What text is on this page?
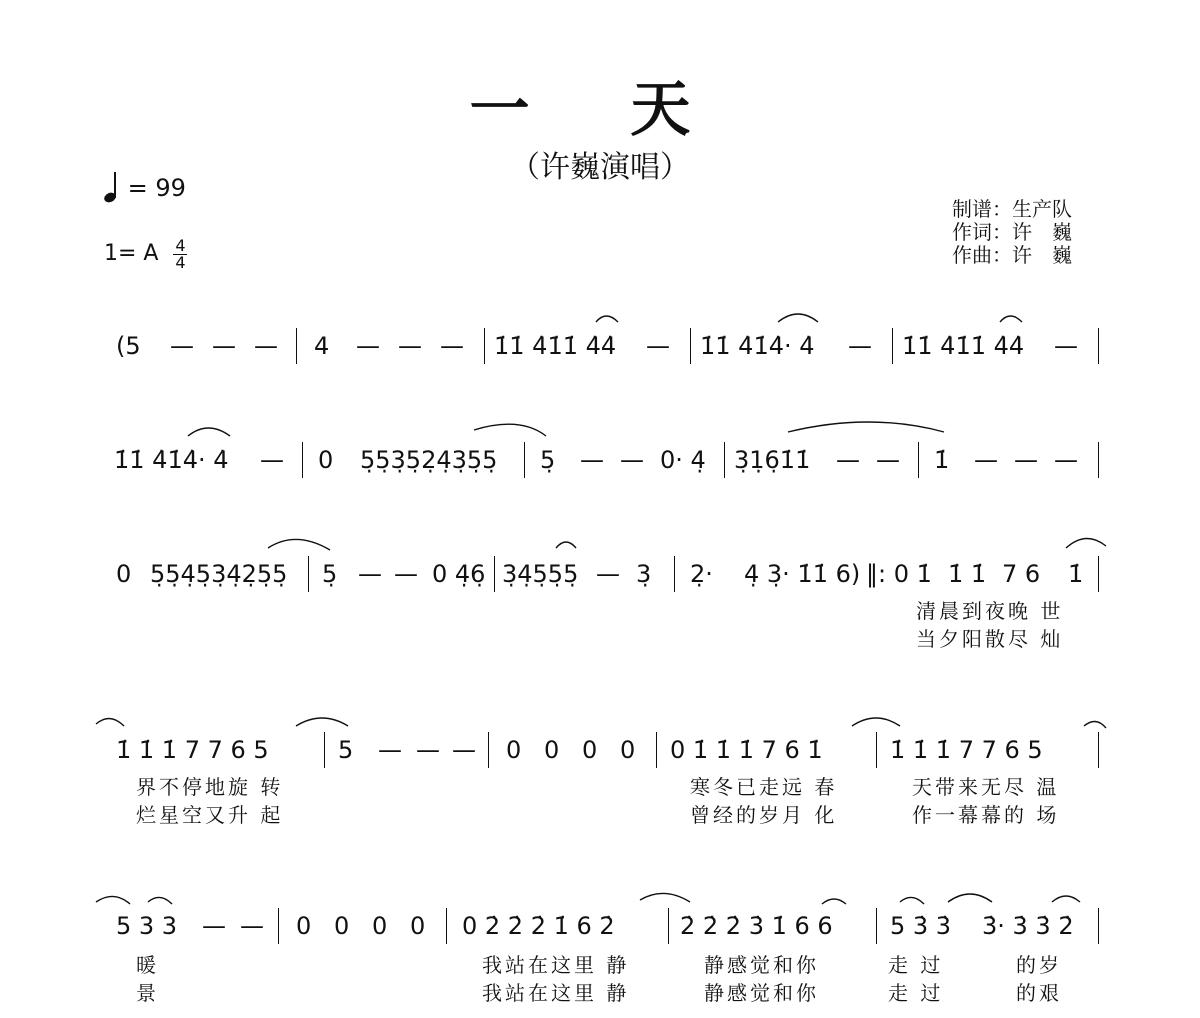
一 天
（许巍演唱）
= 99
1= A $\frac{4}{4}$
制谱：生产队
作词：许　巍
作曲：许　巍
(5 — — — 4 — — — 1̇1̇ 4̇1̇1̇ 4̇4̇ — 1̇1̇ 4̇1̇4̇· 4̇ — 1̇1̇ 4̇1̇1̇ 4̇4̇ —
1̇1̇ 4̇1̇4̇· 4̇ — 0 5̣5̣3̣5̣2̣4̣3̣5̣5̣ 5̣ — — 0· 4̣ 3̣1̣6̣1̇1̇ — — 1̇ — — —
0 5̣5̣4̣5̣3̣4̣2̣5̣5̣ 5̣ — — 0 4̣6̣ 3̣4̣5̣5̣5̣ — 3̣ 2̣· 4̣ 3̣· 1̇1̇ 6) ‖: 0 1̇ 1̇ 1̇ 7 6 1̇
清晨到夜晚 世
当夕阳散尽 灿
1̇ 1̇ 1̇ 7 7 6 5	5 — — — 0 0 0 0 0 1̇ 1̇ 1̇ 7 6 1̇	1̇ 1̇ 1̇ 7 7 6 5
界不停地旋 转
烂星空又升 起
寒冬已走远 春
曾经的岁月 化
天带来无尽 温
作一幕幕的 场
5 3 3 — — 0 0 0 0 0 2̇ 2̇ 2̇ 1̇ 6 2̇	2̇ 2̇ 2̇ 3̇ 1̇ 6 6 5 3̇ 3̇ 3̇· 3̇ 3̇ 2̇
暖
景
我站在这里 静
我站在这里 静
静感觉和你
静感觉和你
走 过
走 过
的岁
的艰
